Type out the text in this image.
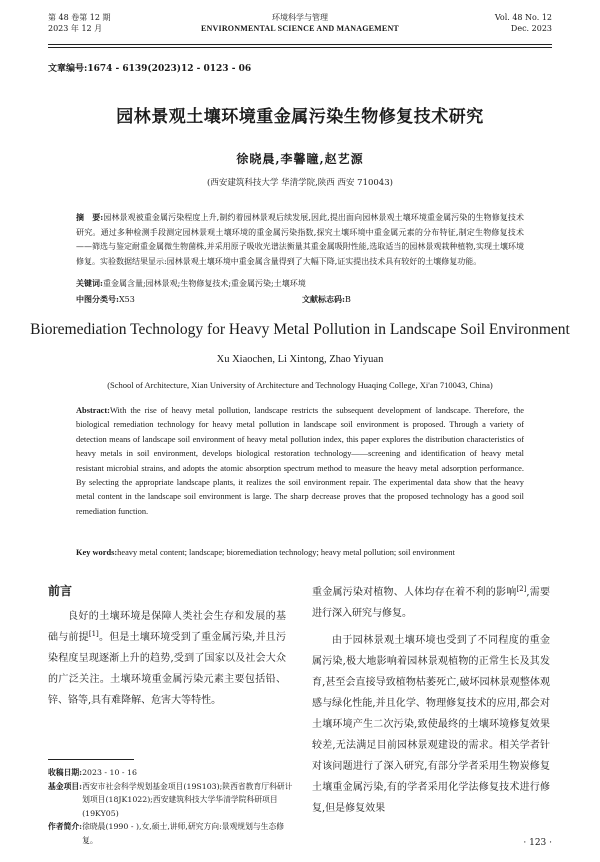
第 48 卷第 12 期
2023 年 12 月
环境科学与管理
ENVIRONMENTAL SCIENCE AND MANAGEMENT
Vol. 48 No. 12
Dec. 2023
文章编号:1674 - 6139(2023)12 - 0123 - 06
园林景观土壤环境重金属污染生物修复技术研究
徐晓晨,李馨瞳,赵艺源
(西安建筑科技大学 华清学院,陕西 西安 710043)
摘　要:园林景观被重金属污染程度上升,制约着园林景观后续发展,因此,提出面向园林景观土壤环境重金属污染的生物修复技术研究。通过多种检测手段测定园林景观土壤环境的重金属污染指数,探究土壤环境中重金属元素的分布特征,制定生物修复技术——筛选与鉴定耐重金属微生物菌株,并采用原子吸收光谱法衡量其重金属吸附性能,选取适当的园林景观栽种植物,实现土壤环境修复。实验数据结果显示:园林景观土壤环境中重金属含量得到了大幅下降,证实提出技术具有较好的土壤修复功能。
关键词:重金属含量;园林景观;生物修复技术;重金属污染;土壤环境
中图分类号:X53	文献标志码:B
Bioremediation Technology for Heavy Metal Pollution in Landscape Soil Environment
Xu Xiaochen, Li Xintong, Zhao Yiyuan
(School of Architecture, Xian University of Architecture and Technology Huaqing College, Xi'an 710043, China)
Abstract:With the rise of heavy metal pollution, landscape restricts the subsequent development of landscape. Therefore, the biological remediation technology for heavy metal pollution in landscape soil environment is proposed. Through a variety of detection means of landscape soil environment of heavy metal pollution index, this paper explores the distribution characteristics of heavy metals in soil environment, develops biological restoration technology——screening and identification of heavy metal resistant microbial strains, and adopts the atomic absorption spectrum method to measure the heavy metal adsorption performance. By selecting the appropriate landscape plants, it realizes the soil environment repair. The experimental data show that the heavy metal content in the landscape soil environment is large. The sharp decrease proves that the proposed technology has a good soil remediation function.
Key words:heavy metal content; landscape; bioremediation technology; heavy metal pollution; soil environment
前言

良好的土壤环境是保障人类社会生存和发展的基础与前提[1]。但是土壤环境受到了重金属污染,并且污染程度呈现逐渐上升的趋势,受到了国家以及社会大众的广泛关注。土壤环境重金属污染元素主要包括铅、锌、铬等,具有难降解、危害大等特性。

收稿日期: 2023 - 10 - 16
基金项目: 西安市社会科学规划基金项目(19S103);陕西省教育厅科研计划项目(18JK1022);西安建筑科技大学华清学院科研项目(19KY05)
作者简介: 徐晓晨(1990 - ),女,硕士,讲师,研究方向:景观规划与生态修复。

重金属污染对植物、人体均存在着不利的影响[2],需要进行深入研究与修复。

由于园林景观土壤环境也受到了不同程度的重金属污染,极大地影响着园林景观植物的正常生长及其发育,甚至会直接导致植物枯萎死亡,破坏园林景观整体观感与绿化性能,并且化学、物理修复技术的应用,都会对土壤环境产生二次污染,致使最终的土壤环境修复效果较差,无法满足目前园林景观建设的需求。相关学者针对该问题进行了深入研究,有部分学者采用生物炭修复土壤重金属污染,有的学者采用化学法修复技术进行修复,但是修复效果

· 123 ·
